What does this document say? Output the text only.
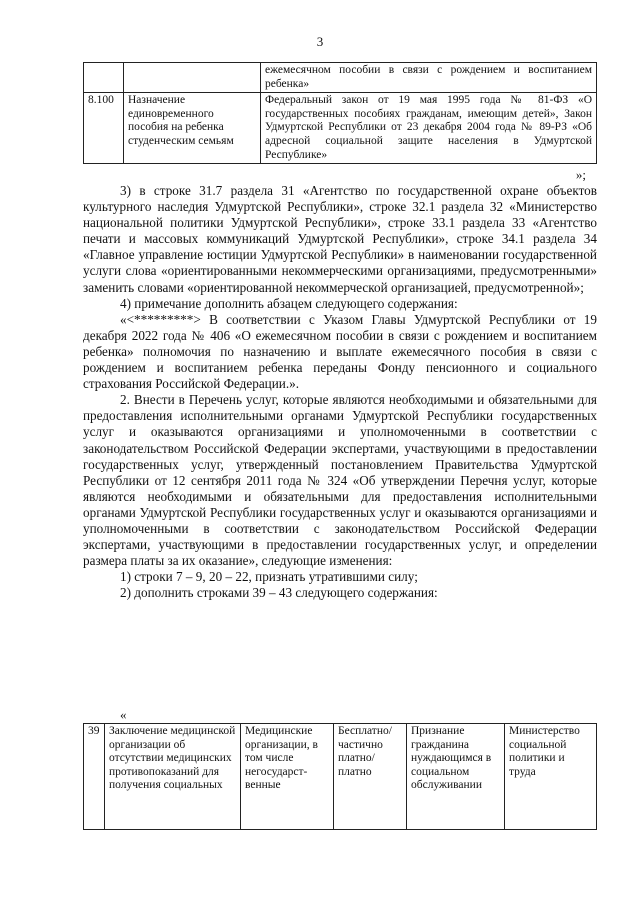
3
		ежемесячном пособии в связи с рождением и воспитанием ребенка»
8.100	Назначение единовременного пособия на ребенка студенческим семьям	Федеральный закон от 19 мая 1995 года № 81-ФЗ «О государственных пособиях гражданам, имеющим детей», Закон Удмуртской Республики от 23 декабря 2004 года № 89-РЗ «Об адресной социальной защите населения в Удмуртской Республике»
»;

3) в строке 31.7 раздела 31 «Агентство по государственной охране объектов культурного наследия Удмуртской Республики», строке 32.1 раздела 32 «Министерство национальной политики Удмуртской Республики», строке 33.1 раздела 33 «Агентство печати и массовых коммуникаций Удмуртской Республики», строке 34.1 раздела 34 «Главное управление юстиции Удмуртской Республики» в наименовании государственной услуги слова «ориентированными некоммерческими организациями, предусмотренными» заменить словами «ориентированной некоммерческой организацией, предусмотренной»;

4) примечание дополнить абзацем следующего содержания:

«<*********> В соответствии с Указом Главы Удмуртской Республики от 19 декабря 2022 года № 406 «О ежемесячном пособии в связи с рождением и воспитанием ребенка» полномочия по назначению и выплате ежемесячного пособия в связи с рождением и воспитанием ребенка переданы Фонду пенсионного и социального страхования Российской Федерации.».

2. Внести в Перечень услуг, которые являются необходимыми и обязательными для предоставления исполнительными органами Удмуртской Республики государственных услуг и оказываются организациями и уполномоченными в соответствии с законодательством Российской Федерации экспертами, участвующими в предоставлении государственных услуг, утвержденный постановлением Правительства Удмуртской Республики от 12 сентября 2011 года № 324 «Об утверждении Перечня услуг, которые являются необходимыми и обязательными для предоставления исполнительными органами Удмуртской Республики государственных услуг и оказываются организациями и уполномоченными в соответствии с законодательством Российской Федерации экспертами, участвующими в предоставлении государственных услуг, и определении размера платы за их оказание», следующие изменения:

1) строки 7 – 9, 20 – 22, признать утратившими силу;

2) дополнить строками 39 – 43 следующего содержания:

«
39	Заключение медицинской организации об отсутствии медицинских противопоказаний для получения социальных	Медицинские организации, в том числе негосударст-венные	Бесплатно/ частично платно/ платно	Признание гражданина нуждающимся в социальном обслуживании	Министерство социальной политики и труда
